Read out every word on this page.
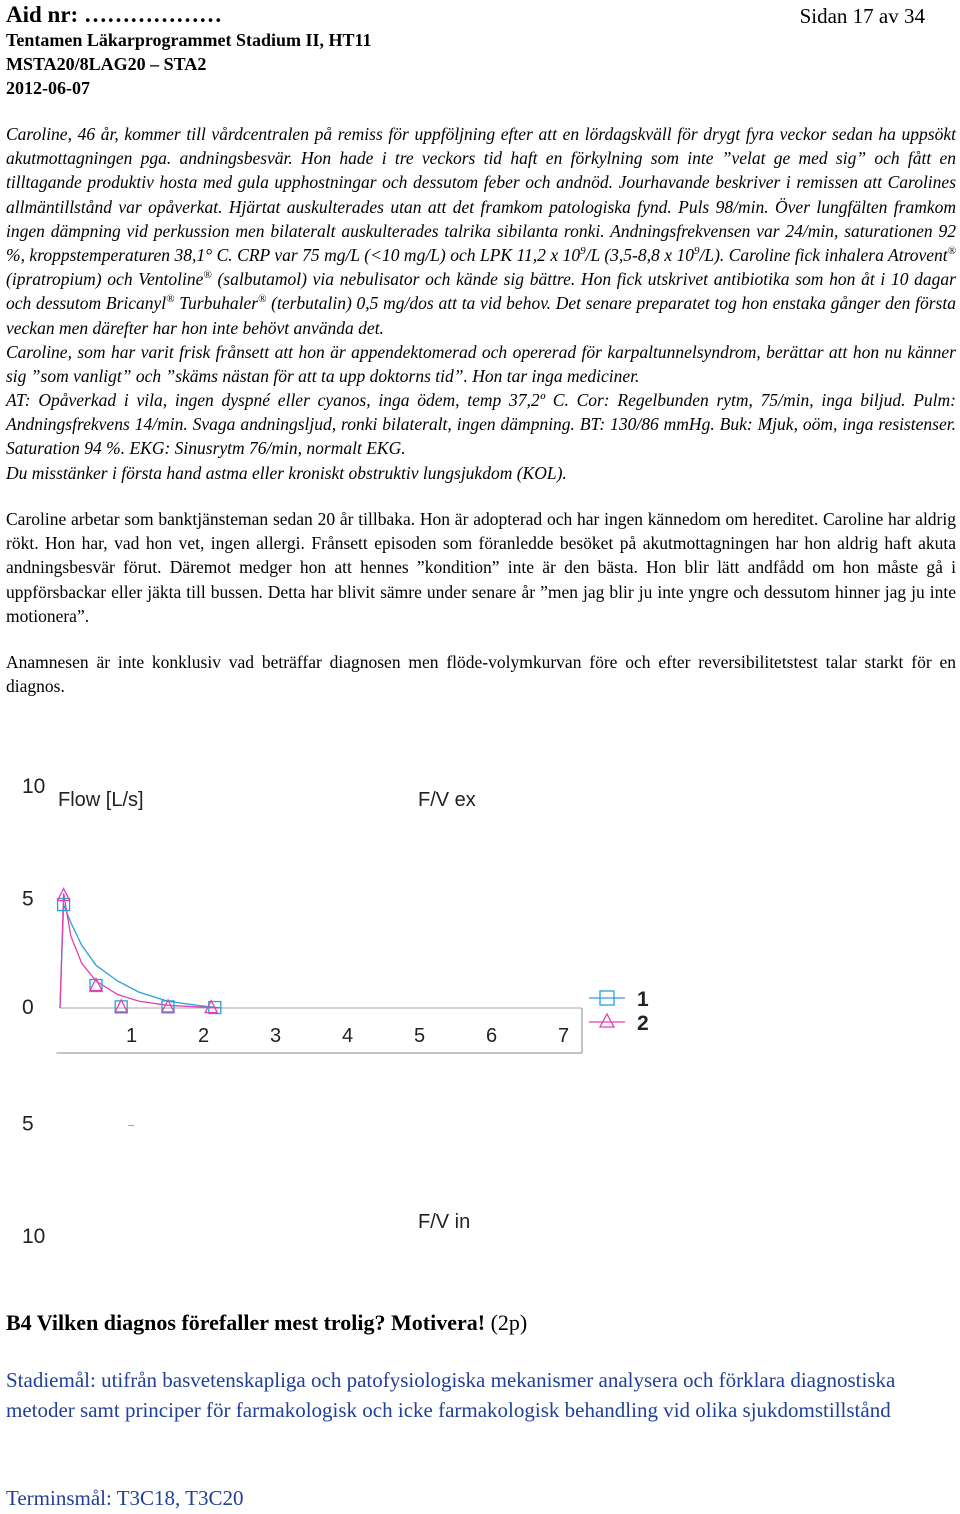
Aid nr: ………………	Sidan 17 av 34
Tentamen Läkarprogrammet Stadium II, HT11
MSTA20/8LAG20 – STA2
2012-06-07

Caroline, 46 år, kommer till vårdcentralen på remiss för uppföljning efter att en lördagskväll för drygt fyra veckor sedan ha uppsökt akutmottagningen pga. andningsbesvär. Hon hade i tre veckors tid haft en förkylning som inte ”velat ge med sig” och fått en tilltagande produktiv hosta med gula upphostningar och dessutom feber och andnöd. Jourhavande beskriver i remissen att Carolines allmäntillstånd var opåverkat. Hjärtat auskulterades utan att det framkom patologiska fynd. Puls 98/min. Över lungfälten framkom ingen dämpning vid perkussion men bilateralt auskulterades talrika sibilanta ronki. Andningsfrekvensen var 24/min, saturationen 92 %, kroppstemperaturen 38,1° C. CRP var 75 mg/L (<10 mg/L) och LPK 11,2 x $10^9/L$ (3,5-8,8 x $10^9/L$). Caroline fick inhalera Atrovent® (ipratropium) och Ventoline® (salbutamol) via nebulisator och kände sig bättre. Hon fick utskrivet antibiotika som hon åt i 10 dagar och dessutom Bricanyl® Turbuhaler® (terbutalin) 0,5 mg/dos att ta vid behov. Det senare preparatet tog hon enstaka gånger den första veckan men därefter har hon inte behövt använda det.

Caroline, som har varit frisk frånsett att hon är appendektomerad och opererad för karpaltunnelsyndrom, berättar att hon nu känner sig ”som vanligt” och ”skäms nästan för att ta upp doktorns tid”. Hon tar inga mediciner.

AT: Opåverkad i vila, ingen dyspné eller cyanos, inga ödem, temp 37,2º C. Cor: Regelbunden rytm, 75/min, inga biljud. Pulm: Andningsfrekvens 14/min. Svaga andningsljud, ronki bilateralt, ingen dämpning. BT: 130/86 mmHg. Buk: Mjuk, oöm, inga resistenser. Saturation 94 %. EKG: Sinusrytm 76/min, normalt EKG.

Du misstänker i första hand astma eller kroniskt obstruktiv lungsjukdom (KOL).

Caroline arbetar som banktjänsteman sedan 20 år tillbaka. Hon är adopterad och har ingen kännedom om hereditet. Caroline har aldrig rökt. Hon har, vad hon vet, ingen allergi. Frånsett episoden som föranledde besöket på akutmottagningen har hon aldrig haft akuta andningsbesvär förut. Däremot medger hon att hennes ”kondition” inte är den bästa. Hon blir lätt andfådd om hon måste gå i uppförsbackar eller jäkta till bussen. Detta har blivit sämre under senare år ”men jag blir ju inte yngre och dessutom hinner jag ju inte motionera”.

Anamnesen är inte konklusiv vad beträffar diagnosen men flöde-volymkurvan före och efter reversibilitetstest talar starkt för en diagnos.

10
5
0
5
10
1	2	3	4	5	6	7
Flow [L/s]	F/V ex
F/V in
1
2
B4 Vilken diagnos förefaller mest trolig? Motivera! (2p)
Stadiemål: utifrån basvetenskapliga och patofysiologiska mekanismer analysera och förklara diagnostiska metoder samt principer för farmakologisk och icke farmakologisk behandling vid olika sjukdomstillstånd
Terminsmål: T3C18, T3C20
